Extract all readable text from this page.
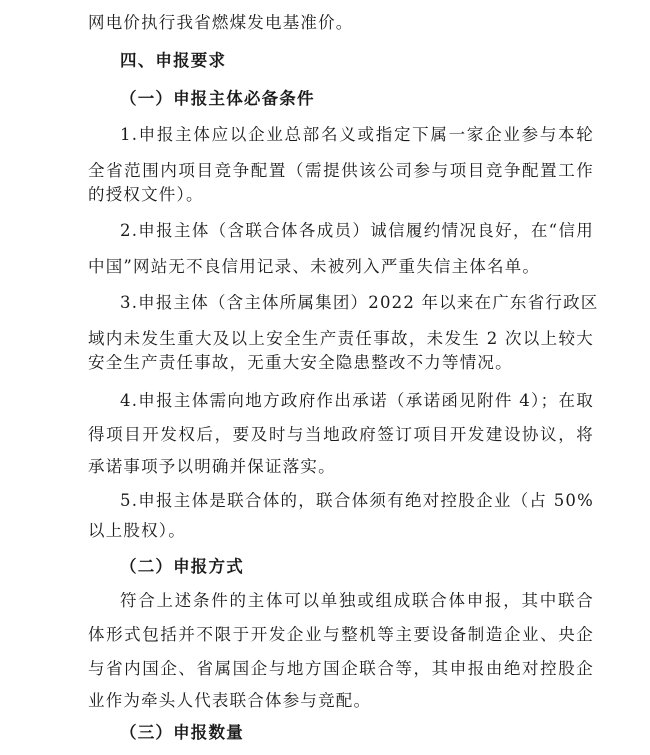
网电价执行我省燃煤发电基准价。
四、申报要求
（一）申报主体必备条件
1.申报主体应以企业总部名义或指定下属一家企业参与本轮
全省范围内项目竞争配置（需提供该公司参与项目竞争配置工作
的授权文件）。
2.申报主体（含联合体各成员）诚信履约情况良好，在“信用
中国”网站无不良信用记录、未被列入严重失信主体名单。
3.申报主体（含主体所属集团）2022 年以来在广东省行政区
域内未发生重大及以上安全生产责任事故，未发生 2 次以上较大
安全生产责任事故，无重大安全隐患整改不力等情况。
4.申报主体需向地方政府作出承诺（承诺函见附件 4）；在取
得项目开发权后，要及时与当地政府签订项目开发建设协议，将
承诺事项予以明确并保证落实。
5.申报主体是联合体的，联合体须有绝对控股企业（占 50%
以上股权）。
（二）申报方式
符合上述条件的主体可以单独或组成联合体申报，其中联合
体形式包括并不限于开发企业与整机等主要设备制造企业、央企
与省内国企、省属国企与地方国企联合等，其申报由绝对控股企
业作为牵头人代表联合体参与竞配。
（三）申报数量
